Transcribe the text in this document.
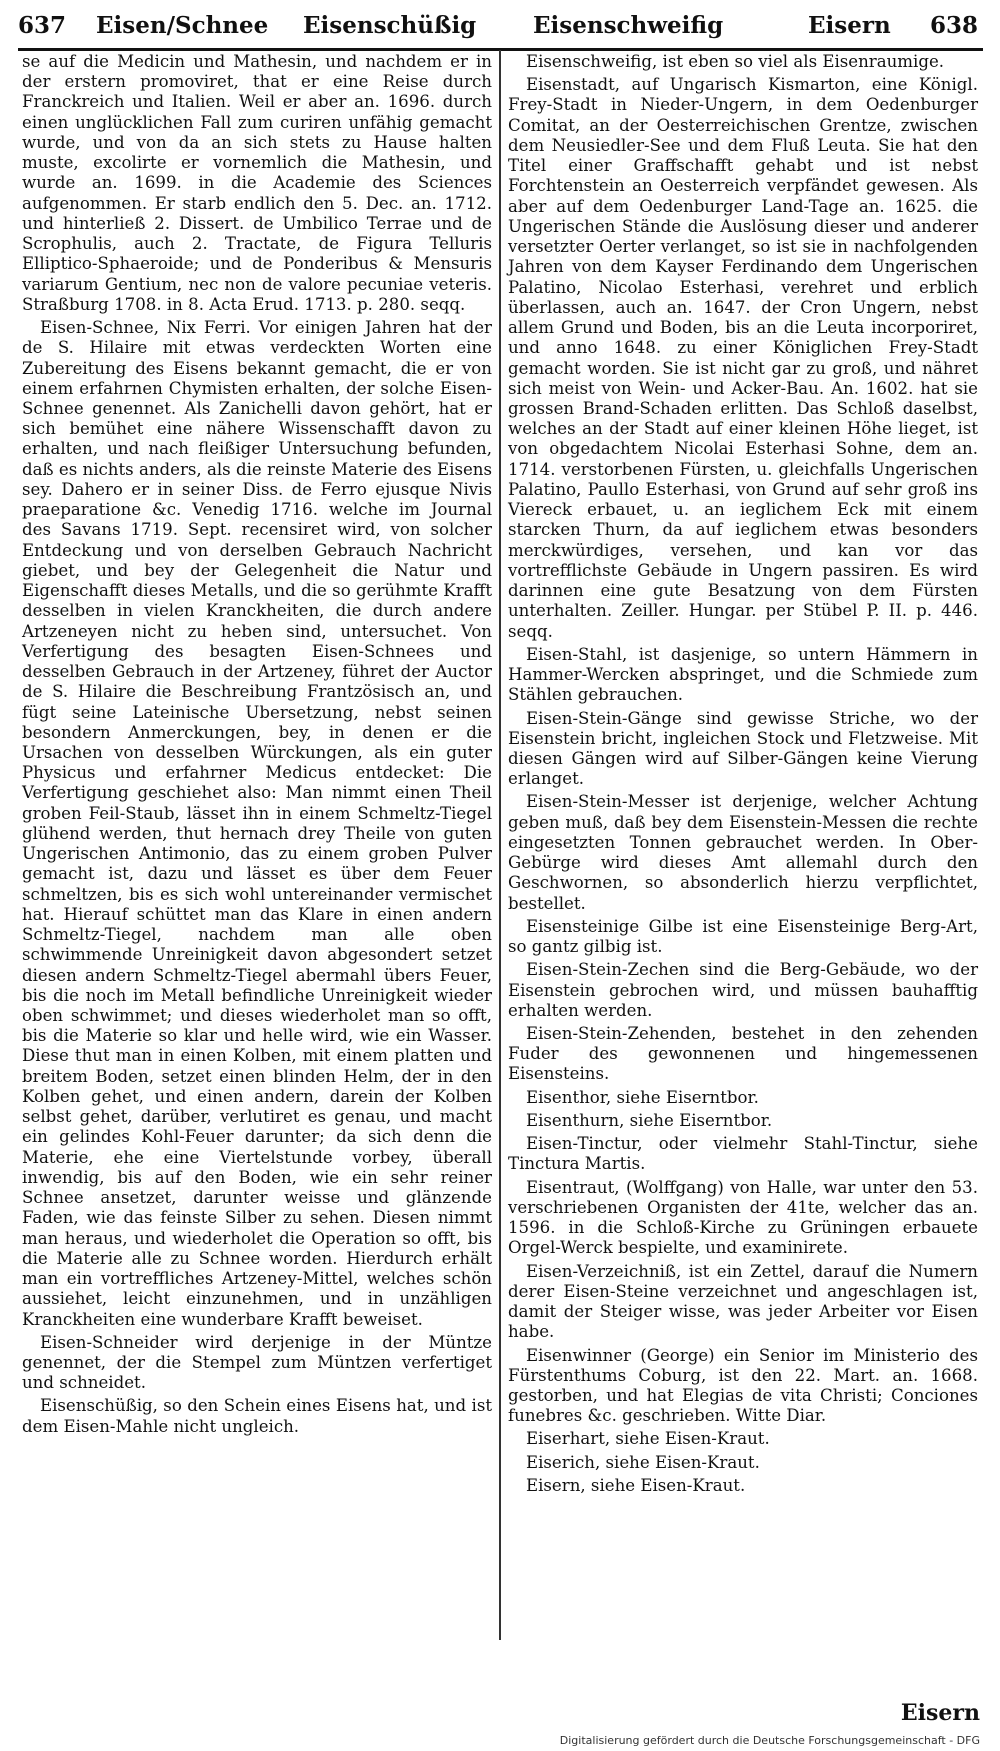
637 Eisen/Schnee Eisenschüßig Eisenschweifig	Eisern 638

se auf die Medicin und Mathesin, und nachdem er in der erstern promoviret, that er eine Reise durch Franckreich und Italien. Weil er aber an. 1696. durch einen unglücklichen Fall zum curiren unfähig gemacht wurde, und von da an sich stets zu Hause halten muste, excolirte er vornemlich die Mathesin, und wurde an. 1699. in die Academie des Sciences aufgenommen. Er starb endlich den 5. Dec. an. 1712. und hinterließ 2. Dissert. de Umbilico Terrae und de Scrophulis, auch 2. Tractate, de Figura Telluris Elliptico-Sphaeroide; und de Ponderibus & Mensuris variarum Gentium, nec non de valore pecuniae veteris. Straßburg 1708. in 8. Acta Erud. 1713. p. 280. seqq.

Eisen-Schnee, Nix Ferri. Vor einigen Jahren hat der de S. Hilaire mit etwas verdeckten Worten eine Zubereitung des Eisens bekannt gemacht, die er von einem erfahrnen Chymisten erhalten, der solche Eisen-Schnee genennet. Als Zanichelli davon gehört, hat er sich bemühet eine nähere Wissenschafft davon zu erhalten, und nach fleißiger Untersuchung befunden, daß es nichts anders, als die reinste Materie des Eisens sey. Dahero er in seiner Diss. de Ferro ejusque Nivis praeparatione &c. Venedig 1716. welche im Journal des Savans 1719. Sept. recensiret wird, von solcher Entdeckung und von derselben Gebrauch Nachricht giebet, und bey der Gelegenheit die Natur und Eigenschafft dieses Metalls, und die so gerühmte Krafft desselben in vielen Kranckheiten, die durch andere Artzeneyen nicht zu heben sind, untersuchet. Von Verfertigung des besagten Eisen-Schnees und desselben Gebrauch in der Artzeney, führet der Auctor de S. Hilaire die Beschreibung Frantzösisch an, und fügt seine Lateinische Ubersetzung, nebst seinen besondern Anmerckungen, bey, in denen er die Ursachen von desselben Würckungen, als ein guter Physicus und erfahrner Medicus entdecket: Die Verfertigung geschiehet also: Man nimmt einen Theil groben Feil-Staub, lässet ihn in einem Schmeltz-Tiegel glühend werden, thut hernach drey Theile von guten Ungerischen Antimonio, das zu einem groben Pulver gemacht ist, dazu und lässet es über dem Feuer schmeltzen, bis es sich wohl untereinander vermischet hat. Hierauf schüttet man das Klare in einen andern Schmeltz-Tiegel, nachdem man alle oben schwimmende Unreinigkeit davon abgesondert setzet diesen andern Schmeltz-Tiegel abermahl übers Feuer, bis die noch im Metall befindliche Unreinigkeit wieder oben schwimmet; und dieses wiederholet man so offt, bis die Materie so klar und helle wird, wie ein Wasser. Diese thut man in einen Kolben, mit einem platten und breitem Boden, setzet einen blinden Helm, der in den Kolben gehet, und einen andern, darein der Kolben selbst gehet, darüber, verlutiret es genau, und macht ein gelindes Kohl-Feuer darunter; da sich denn die Materie, ehe eine Viertelstunde vorbey, überall inwendig, bis auf den Boden, wie ein sehr reiner Schnee ansetzet, darunter weisse und glänzende Faden, wie das feinste Silber zu sehen. Diesen nimmt man heraus, und wiederholet die Operation so offt, bis die Materie alle zu Schnee worden. Hierdurch erhält man ein vortreffliches Artzeney-Mittel, welches schön aussiehet, leicht einzunehmen, und in unzähligen Kranckheiten eine wunderbare Krafft beweiset.

Eisen-Schneider wird derjenige in der Müntze genennet, der die Stempel zum Müntzen verfertiget und schneidet.

Eisenschüßig, so den Schein eines Eisens hat, und ist dem Eisen-Mahle nicht ungleich.

Eisenschweifig, ist eben so viel als Eisenraumige.

Eisenstadt, auf Ungarisch Kismarton, eine Königl. Frey-Stadt in Nieder-Ungern, in dem Oedenburger Comitat, an der Oesterreichischen Grentze, zwischen dem Neusiedler-See und dem Fluß Leuta. Sie hat den Titel einer Graffschafft gehabt und ist nebst Forchtenstein an Oesterreich verpfändet gewesen. Als aber auf dem Oedenburger Land-Tage an. 1625. die Ungerischen Stände die Auslösung dieser und anderer versetzter Oerter verlanget, so ist sie in nachfolgenden Jahren von dem Kayser Ferdinando dem Ungerischen Palatino, Nicolao Esterhasi, verehret und erblich überlassen, auch an. 1647. der Cron Ungern, nebst allem Grund und Boden, bis an die Leuta incorporiret, und anno 1648. zu einer Königlichen Frey-Stadt gemacht worden. Sie ist nicht gar zu groß, und nähret sich meist von Wein- und Acker-Bau. An. 1602. hat sie grossen Brand-Schaden erlitten. Das Schloß daselbst, welches an der Stadt auf einer kleinen Höhe lieget, ist von obgedachtem Nicolai Esterhasi Sohne, dem an. 1714. verstorbenen Fürsten, u. gleichfalls Ungerischen Palatino, Paullo Esterhasi, von Grund auf sehr groß ins Viereck erbauet, u. an ieglichem Eck mit einem starcken Thurn, da auf ieglichem etwas besonders merckwürdiges, versehen, und kan vor das vortrefflichste Gebäude in Ungern passiren. Es wird darinnen eine gute Besatzung von dem Fürsten unterhalten. Zeiller. Hungar. per Stübel P. II. p. 446. seqq.

Eisen-Stahl, ist dasjenige, so untern Hämmern in Hammer-Wercken abspringet, und die Schmiede zum Stählen gebrauchen.

Eisen-Stein-Gänge sind gewisse Striche, wo der Eisenstein bricht, ingleichen Stock und Fletzweise. Mit diesen Gängen wird auf Silber-Gängen keine Vierung erlanget.

Eisen-Stein-Messer ist derjenige, welcher Achtung geben muß, daß bey dem Eisenstein-Messen die rechte eingesetzten Tonnen gebrauchet werden. In Ober-Gebürge wird dieses Amt allemahl durch den Geschwornen, so absonderlich hierzu verpflichtet, bestellet.

Eisensteinige Gilbe ist eine Eisensteinige Berg-Art, so gantz gilbig ist.

Eisen-Stein-Zechen sind die Berg-Gebäude, wo der Eisenstein gebrochen wird, und müssen bauhafftig erhalten werden.

Eisen-Stein-Zehenden, bestehet in den zehenden Fuder des gewonnenen und hingemessenen Eisensteins.

Eisenthor, siehe Eiserntbor.

Eisenthurn, siehe Eiserntbor.

Eisen-Tinctur, oder vielmehr Stahl-Tinctur, siehe Tinctura Martis.

Eisentraut, (Wolffgang) von Halle, war unter den 53. verschriebenen Organisten der 41te, welcher das an. 1596. in die Schloß-Kirche zu Grüningen erbauete Orgel-Werck bespielte, und examinirete.

Eisen-Verzeichniß, ist ein Zettel, darauf die Numern derer Eisen-Steine verzeichnet und angeschlagen ist, damit der Steiger wisse, was jeder Arbeiter vor Eisen habe.

Eisenwinner (George) ein Senior im Ministerio des Fürstenthums Coburg, ist den 22. Mart. an. 1668. gestorben, und hat Elegias de vita Christi; Conciones funebres &c. geschrieben. Witte Diar.

Eiserhart, siehe Eisen-Kraut.

Eiserich, siehe Eisen-Kraut.

Eisern, siehe Eisen-Kraut.

Eisern
Digitalisierung gefördert durch die Deutsche Forschungsgemeinschaft - DFG
